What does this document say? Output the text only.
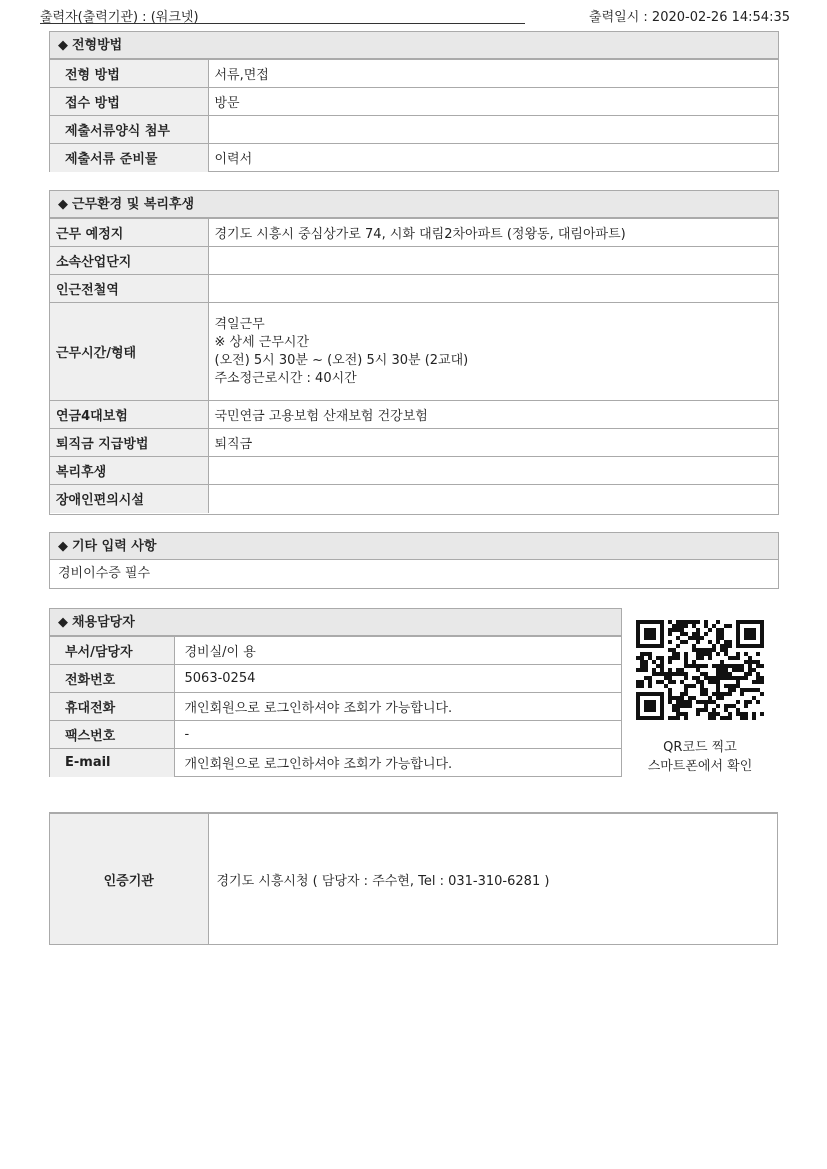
출력자(출력기관) : (워크넷)	출력일시 : 2020-02-26 14:54:35
◆ 전형방법
전형 방법	서류,면접
접수 방법	방문
제출서류양식 첨부	
제출서류 준비물	이력서
◆ 근무환경 및 복리후생
근무 예정지	경기도 시흥시 중심상가로 74, 시화 대림2차아파트 (정왕동, 대림아파트)
소속산업단지	
인근전철역	
근무시간/형태	격일근무
※ 상세 근무시간
(오전) 5시 30분 ~ (오전) 5시 30분 (2교대)
주소정근로시간 : 40시간

연금4대보험	국민연금 고용보험 산재보험 건강보험
퇴직금 지급방법	퇴직금
복리후생	
장애인편의시설	
◆ 기타 입력 사항
경비이수증 필수
◆ 채용담당자
부서/담당자	경비실/이 용
전화번호	5063-0254
휴대전화	개인회원으로 로그인하셔야 조회가 가능합니다.
팩스번호	-
E-mail	개인회원으로 로그인하셔야 조회가 가능합니다.
QR코드 찍고
스마트폰에서 확인
인증기관	경기도 시흥시청 ( 담당자 : 주수현, Tel : 031-310-6281 )
